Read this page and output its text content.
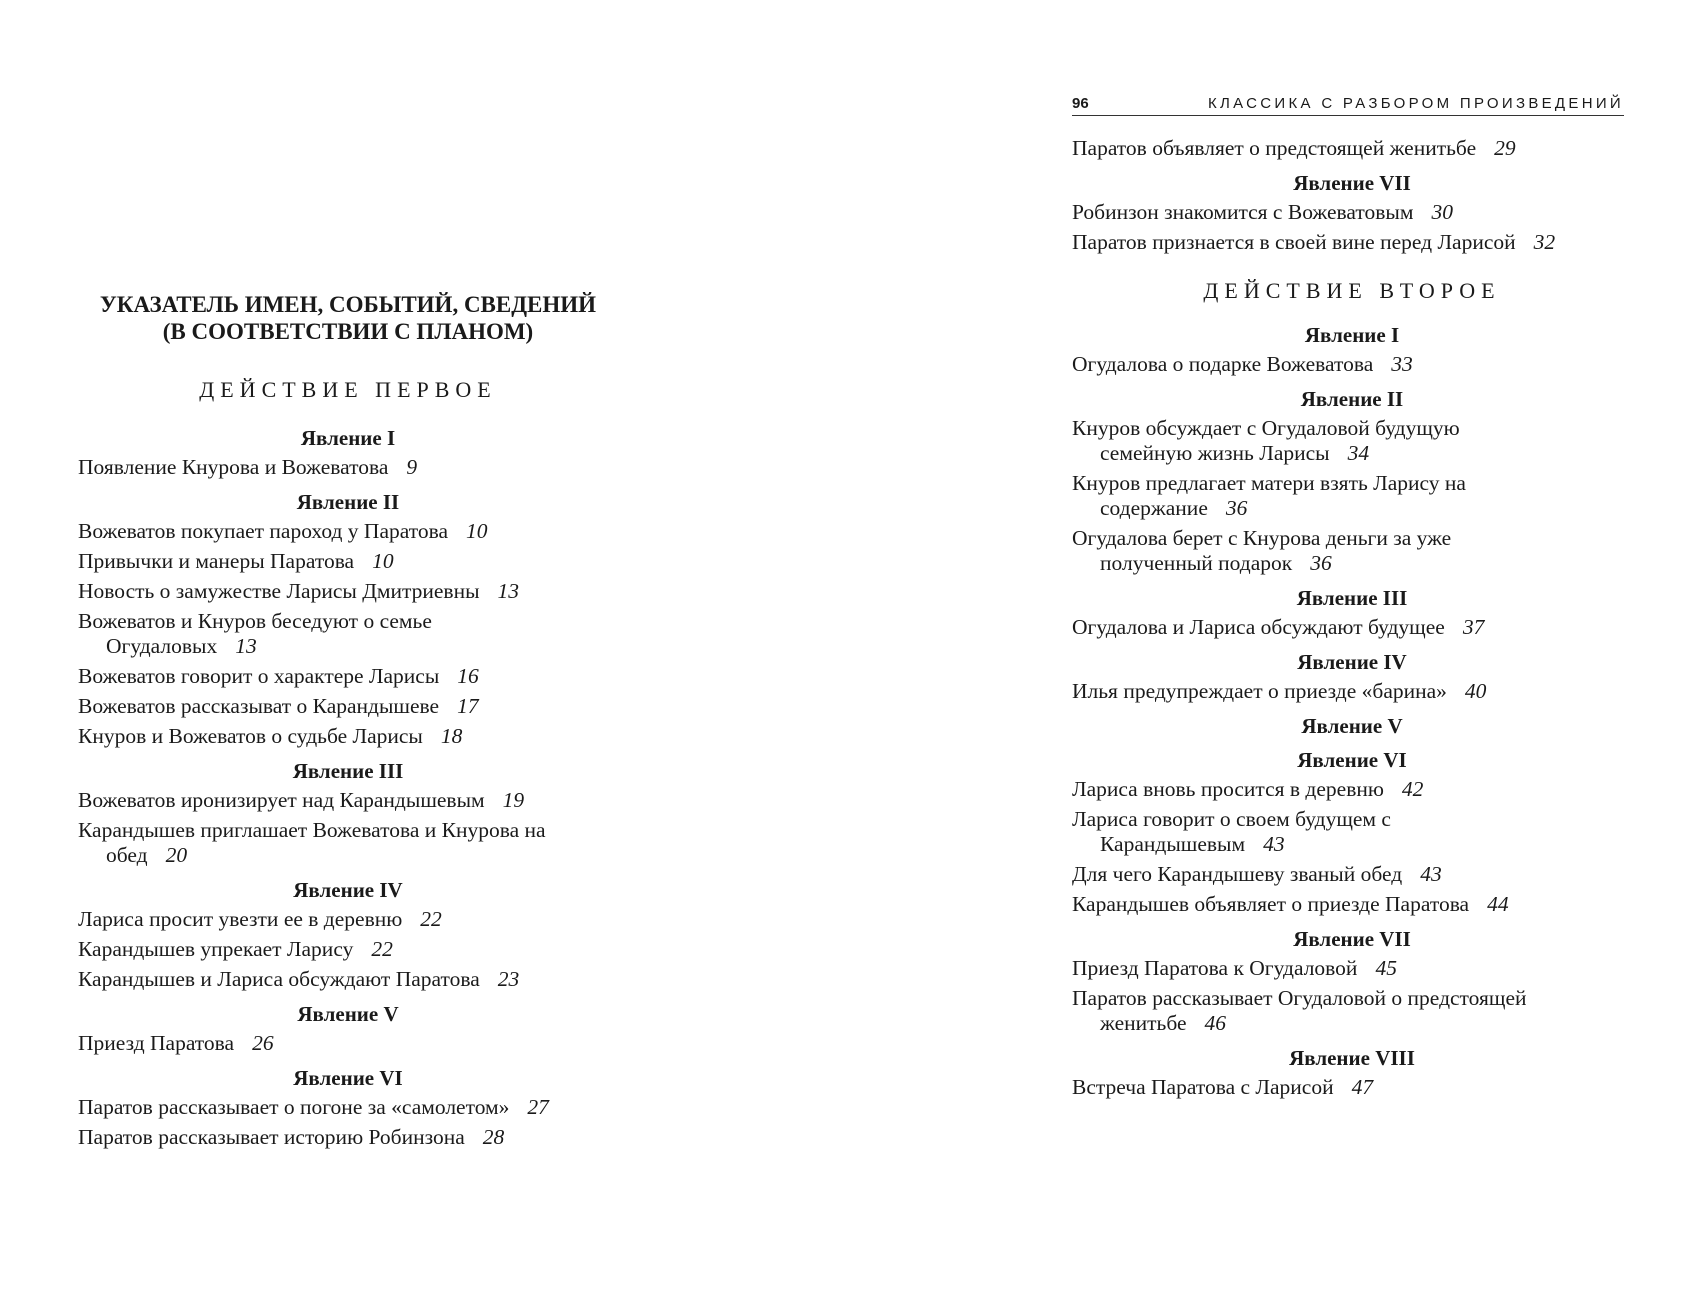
96	КЛАССИКА С РАЗБОРОМ ПРОИЗВЕДЕНИЙ
УКАЗАТЕЛЬ ИМЕН, СОБЫТИЙ, СВЕДЕНИЙ
(В СООТВЕТСТВИИ С ПЛАНОМ)
ДЕЙСТВИЕ ПЕРВОЕ
Явление I
Появление Кнурова и Вожеватова 9
Явление II
Вожеватов покупает пароход у Паратова 10
Привычки и манеры Паратова 10
Новость о замужестве Ларисы Дмитриевны 13
Вожеватов и Кнуров беседуют о семье Огудаловых 13
Вожеватов говорит о характере Ларисы 16
Вожеватов рассказыват о Карандышеве 17
Кнуров и Вожеватов о судьбе Ларисы 18
Явление III
Вожеватов иронизирует над Карандышевым 19
Карандышев приглашает Вожеватова и Кнурова на обед 20
Явление IV
Лариса просит увезти ее в деревню 22
Карандышев упрекает Ларису 22
Карандышев и Лариса обсуждают Паратова 23
Явление V
Приезд Паратова 26
Явление VI
Паратов рассказывает о погоне за «самолетом» 27
Паратов рассказывает историю Робинзона 28
Паратов объявляет о предстоящей женитьбе 29
Явление VII
Робинзон знакомится с Вожеватовым 30
Паратов признается в своей вине перед Ларисой 32
ДЕЙСТВИЕ ВТОРОЕ
Явление I
Огудалова о подарке Вожеватова 33
Явление II
Кнуров обсуждает с Огудаловой будущую семейную жизнь Ларисы 34
Кнуров предлагает матери взять Ларису на содержание 36
Огудалова берет с Кнурова деньги за уже полученный подарок 36
Явление III
Огудалова и Лариса обсуждают будущее 37
Явление IV
Илья предупреждает о приезде «барина» 40
Явление V
Явление VI
Лариса вновь просится в деревню 42
Лариса говорит о своем будущем с Карандышевым 43
Для чего Карандышеву званый обед 43
Карандышев объявляет о приезде Паратова 44
Явление VII
Приезд Паратова к Огудаловой 45
Паратов рассказывает Огудаловой о предстоящей женитьбе 46
Явление VIII
Встреча Паратова с Ларисой 47
